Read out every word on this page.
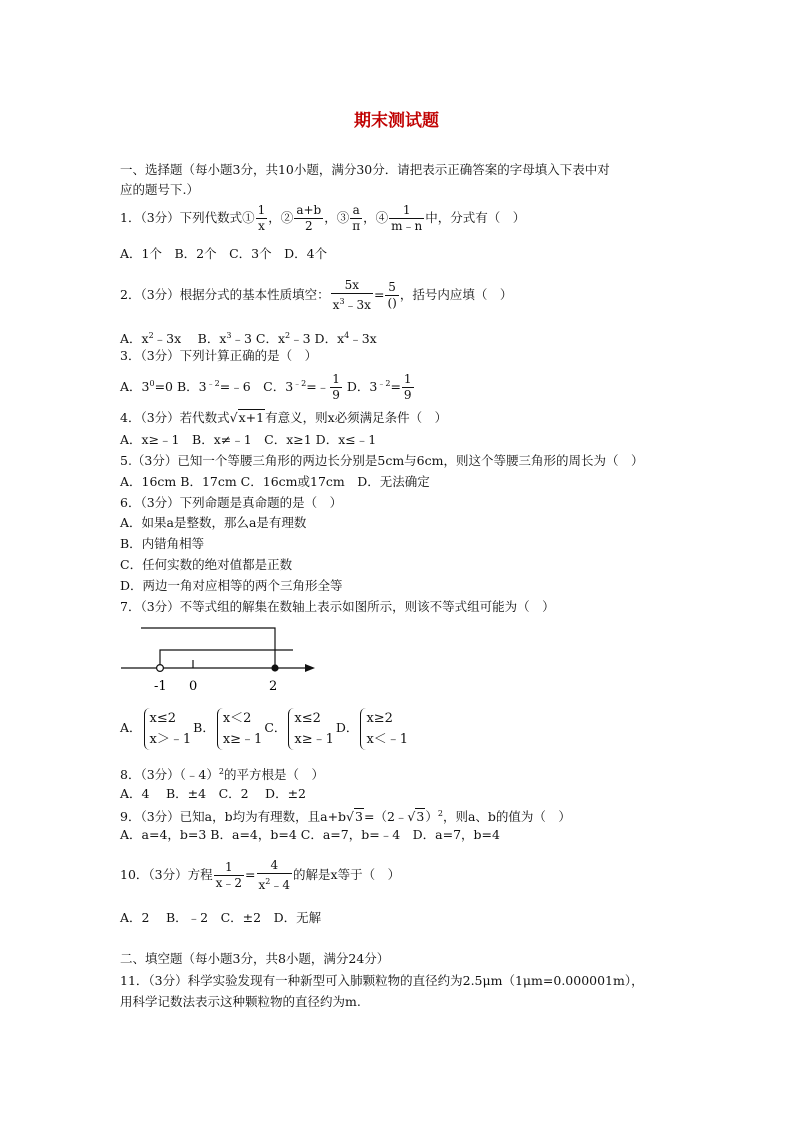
期末测试题
一、选择题（每小题3分，共10小题，满分30分．请把表示正确答案的字母填入下表中对
应的题号下.）
1．（3分）下列代数式① $\frac{1}{x}$ ，② $\frac{a+b}{2}$ ，③ $\frac{a}{\pi}$ ，④ $\frac{1}{m﹣n}$ 中，分式有（　）
A．1个　B．2个　C．3个　D．4个
2．（3分）根据分式的基本性质填空： $\frac{5x}{x^3﹣3x} = \frac{5}{()}$ ，括号内应填（　）
A．$x^2﹣3x$　 B．$x^3﹣3$ C．$x^2﹣3$ D．$x^4﹣3x$
3．（3分）下列计算正确的是（　）
A．$3^0=0$ B．$3^{﹣2}=﹣6$　C．$3^{﹣2}=﹣ \frac{1}{9}$ D．$3^{﹣2}= \frac{1}{9}$
4．（3分）若代数式√x+1有意义，则x必须满足条件（　）
A．x≥﹣1　B．x≠﹣1　C．x≥1 D．x≤﹣1
5.（3分）已知一个等腰三角形的两边长分别是5cm与6cm，则这个等腰三角形的周长为（　）
A．16cm B．17cm C．16cm或17cm　D．无法确定
6．（3分）下列命题是真命题的是（　）
A．如果a是整数，那么a是有理数
B．内错角相等
C．任何实数的绝对值都是正数
D．两边一角对应相等的两个三角形全等
7．（3分）不等式组的解集在数轴上表示如图所示，则该不等式组可能为（　）
-1 0	2
A．
x≤2
x＞﹣1
B．
x＜2
x≥﹣1
C．
x≤2
x≥﹣1
D．
x≥2
x＜﹣1
8．（3分）（﹣4）$^2$的平方根是（　）
A．4　 B．±4　C．2　 D．±2
9．（3分）已知a，b均为有理数，且a+b√3=（2﹣√3）$^2$，则a、b的值为（　）
A．a=4，b=3 B．a=4，b=4 C．a=7，b=﹣4　D．a=7，b=4
10．（3分）方程 $\frac{1}{x﹣2} = \frac{4}{x^2﹣4}$ 的解是x等于（　）
A．2　 B．﹣2　C．±2　D．无解
二、填空题（每小题3分，共8小题，满分24分）
11．（3分）科学实验发现有一种新型可入肺颗粒物的直径约为2.5μm（1μm=0.000001m），
用科学记数法表示这种颗粒物的直径约为m.
